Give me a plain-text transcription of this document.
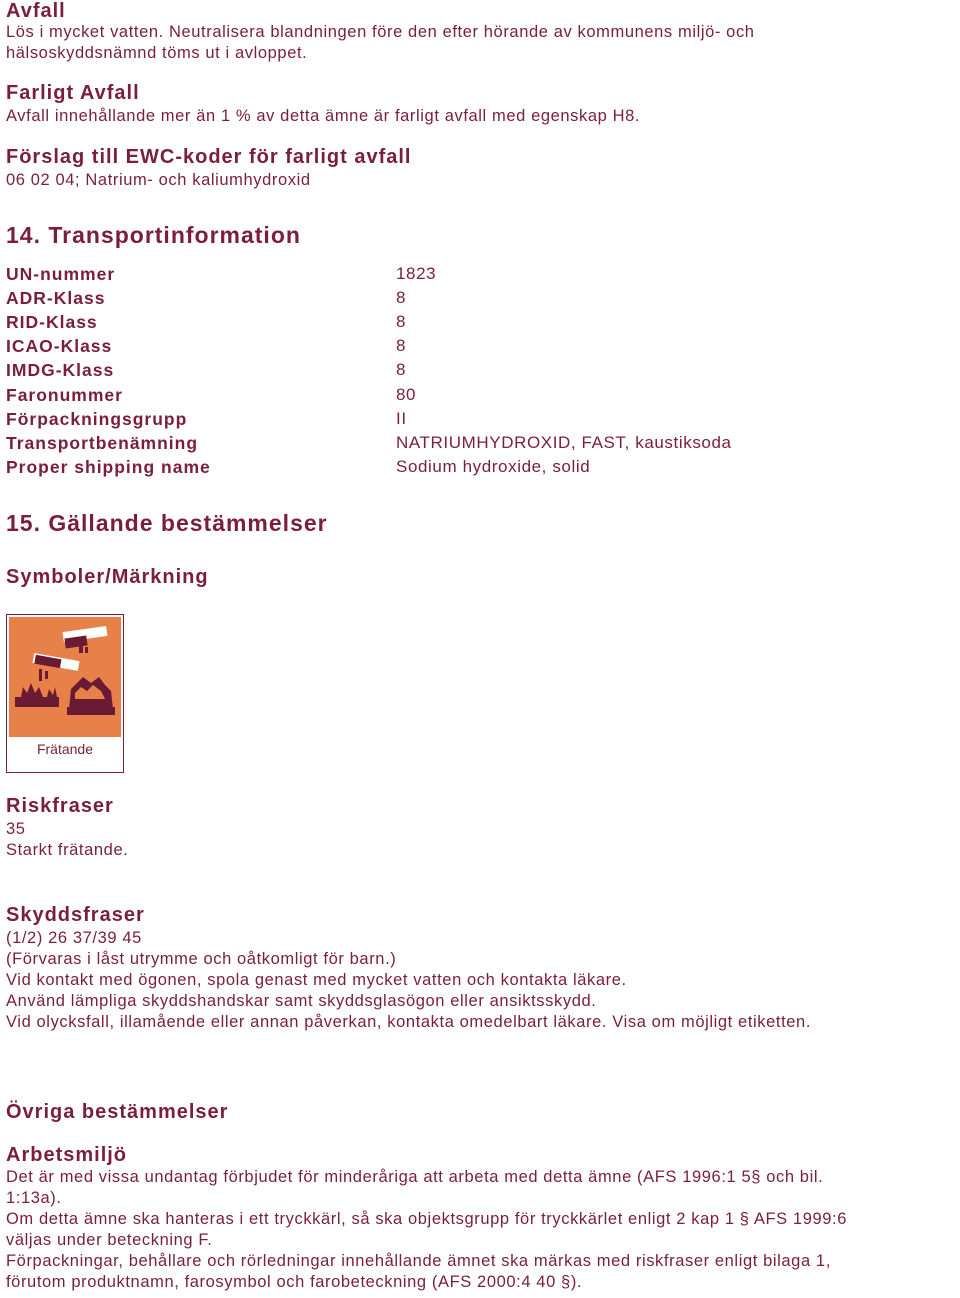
Avfall
Lös i mycket vatten. Neutralisera blandningen före den efter hörande av kommunens miljö- och
hälsoskyddsnämnd töms ut i avloppet.
Farligt Avfall
Avfall innehållande mer än 1 % av detta ämne är farligt avfall med egenskap H8.
Förslag till EWC-koder för farligt avfall
06 02 04; Natrium- och kaliumhydroxid
14. Transportinformation
UN-nummer	1823
ADR-Klass	8
RID-Klass	8
ICAO-Klass	8
IMDG-Klass	8
Faronummer	80
Förpackningsgrupp	II
Transportbenämning	NATRIUMHYDROXID, FAST, kaustiksoda
Proper shipping name	Sodium hydroxide, solid
15. Gällande bestämmelser
Symboler/Märkning
Frätande
Riskfraser
35
Starkt frätande.
Skyddsfraser
(1/2) 26 37/39 45
(Förvaras i låst utrymme och oåtkomligt för barn.)
Vid kontakt med ögonen, spola genast med mycket vatten och kontakta läkare.
Använd lämpliga skyddshandskar samt skyddsglasögon eller ansiktsskydd.
Vid olycksfall, illamående eller annan påverkan, kontakta omedelbart läkare. Visa om möjligt etiketten.
Övriga bestämmelser
Arbetsmiljö
Det är med vissa undantag förbjudet för minderåriga att arbeta med detta ämne (AFS 1996:1 5§ och bil.
1:13a).
Om detta ämne ska hanteras i ett tryckkärl, så ska objektsgrupp för tryckkärlet enligt 2 kap 1 § AFS 1999:6
väljas under beteckning F.
Förpackningar, behållare och rörledningar innehållande ämnet ska märkas med riskfraser enligt bilaga 1,
förutom produktnamn, farosymbol och farobeteckning (AFS 2000:4 40 §).
